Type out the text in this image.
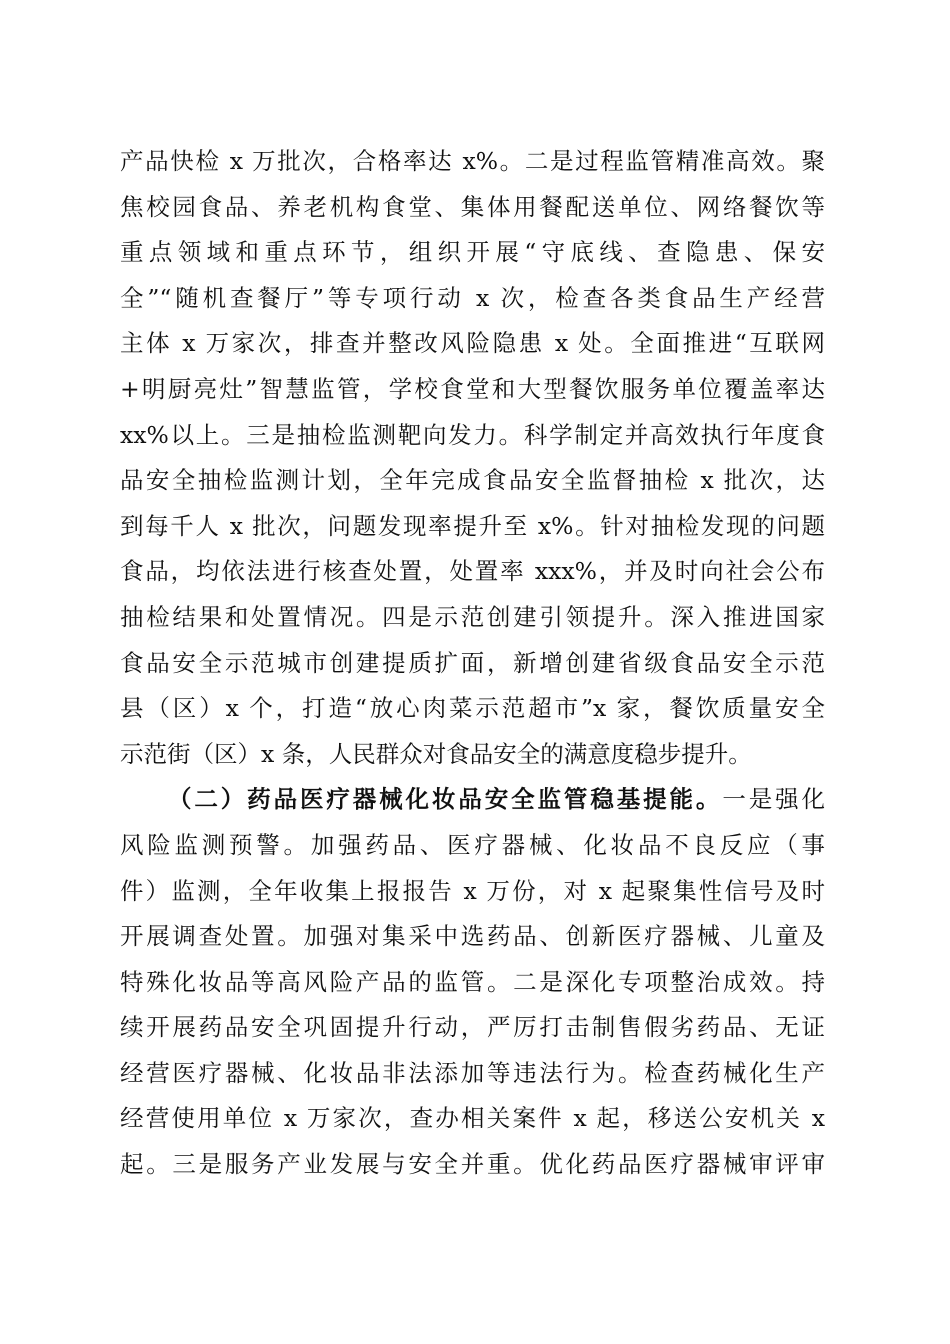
产品快检 x 万批次，合格率达 x%。二是过程监管精准高效。聚
焦校园食品、养老机构食堂、集体用餐配送单位、网络餐饮等
重点领域和重点环节，组织开展“守底线、查隐患、保安
全”“随机查餐厅”等专项行动 x 次，检查各类食品生产经营
主体 x 万家次，排查并整改风险隐患 x 处。全面推进“互联网
+明厨亮灶”智慧监管，学校食堂和大型餐饮服务单位覆盖率达
xx%以上。三是抽检监测靶向发力。科学制定并高效执行年度食
品安全抽检监测计划，全年完成食品安全监督抽检 x 批次，达
到每千人 x 批次，问题发现率提升至 x%。针对抽检发现的问题
食品，均依法进行核查处置，处置率 xxx%，并及时向社会公布
抽检结果和处置情况。四是示范创建引领提升。深入推进国家
食品安全示范城市创建提质扩面，新增创建省级食品安全示范
县（区）x 个，打造“放心肉菜示范超市”x 家，餐饮质量安全
示范街（区）x 条，人民群众对食品安全的满意度稳步提升。
（二）药品医疗器械化妆品安全监管稳基提能。一是强化
风险监测预警。加强药品、医疗器械、化妆品不良反应（事
件）监测，全年收集上报报告 x 万份，对 x 起聚集性信号及时
开展调查处置。加强对集采中选药品、创新医疗器械、儿童及
特殊化妆品等高风险产品的监管。二是深化专项整治成效。持
续开展药品安全巩固提升行动，严厉打击制售假劣药品、无证
经营医疗器械、化妆品非法添加等违法行为。检查药械化生产
经营使用单位 x 万家次，查办相关案件 x 起，移送公安机关 x
起。三是服务产业发展与安全并重。优化药品医疗器械审评审
